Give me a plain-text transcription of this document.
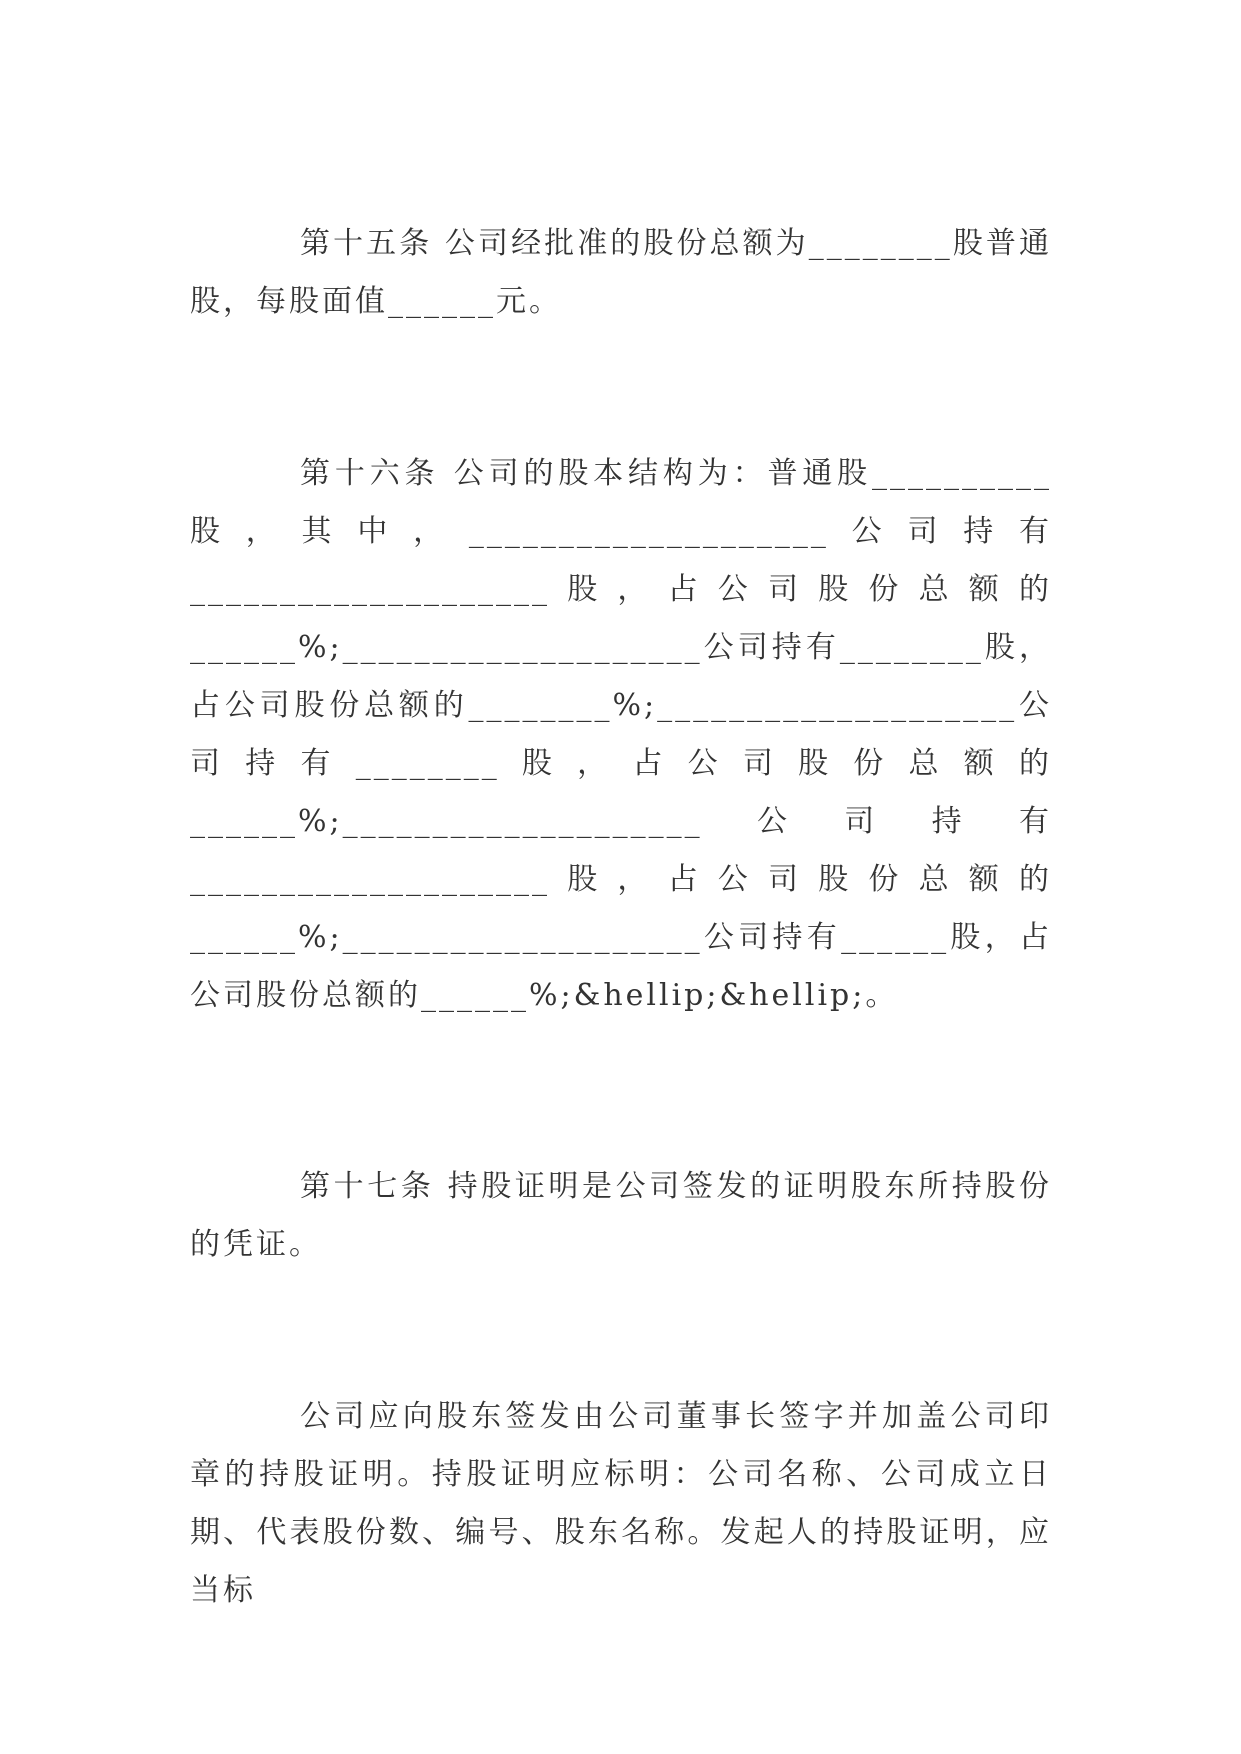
第十五条 公司经批准的股份总额为________股普通股，每股面值______元。

第十六条 公司的股本结构为：普通股__________股，其中，____________________公司持有____________________股，占公司股份总额的______%;____________________公司持有________股，占公司股份总额的________%;____________________公司持有________股，占公司股份总额的______%;____________________公司持有____________________股，占公司股份总额的______%;____________________公司持有______股，占公司股份总额的______%;&hellip;&hellip;。

第十七条 持股证明是公司签发的证明股东所持股份的凭证。

公司应向股东签发由公司董事长签字并加盖公司印章的持股证明。持股证明应标明：公司名称、公司成立日期、代表股份数、编号、股东名称。发起人的持股证明，应当标
